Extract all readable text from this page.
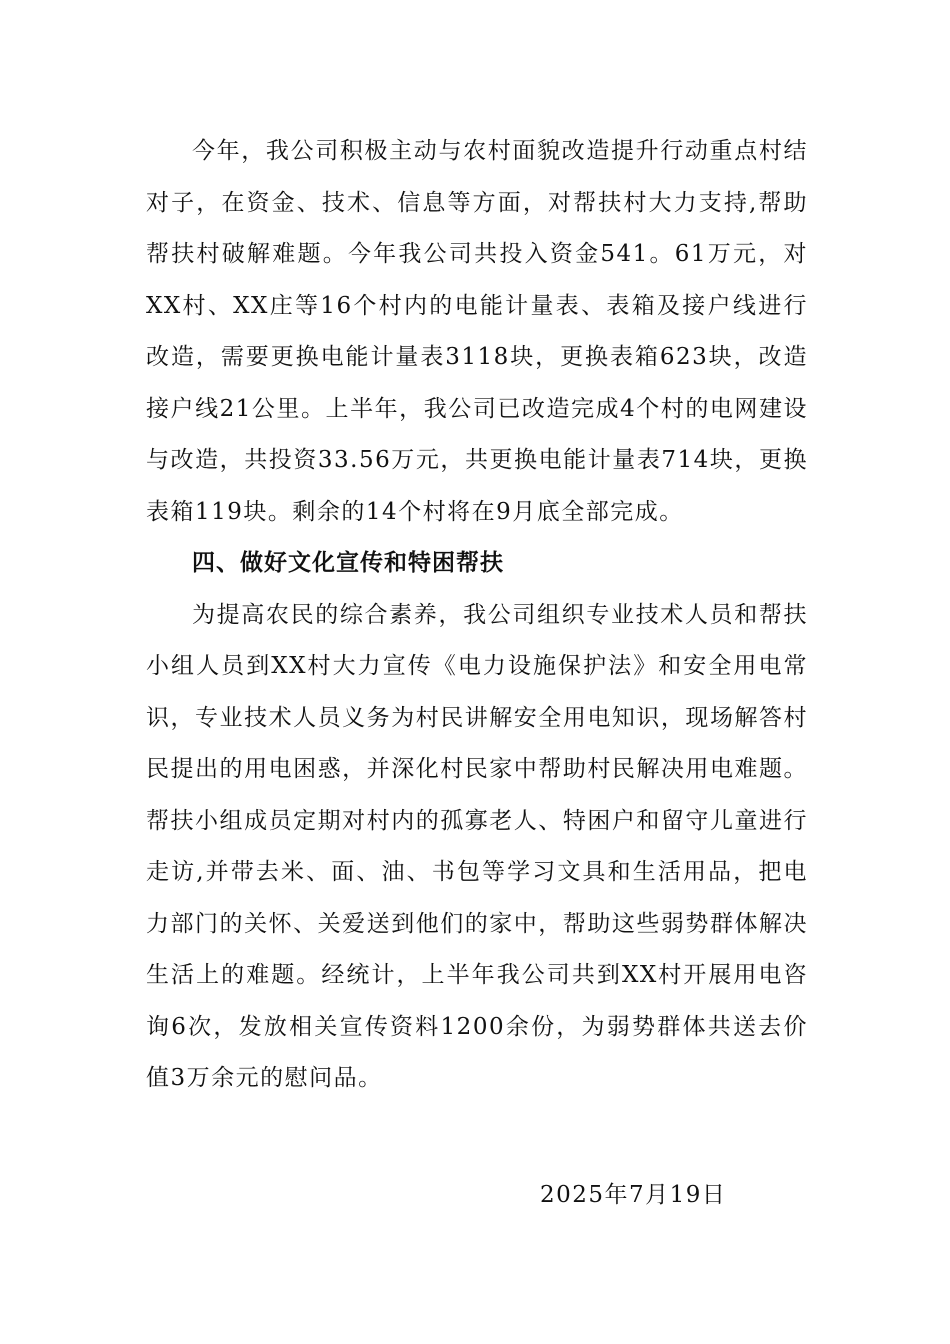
今年，我公司积极主动与农村面貌改造提升行动重点村结对子，在资金、技术、信息等方面，对帮扶村大力支持,帮助帮扶村破解难题。今年我公司共投入资金541。61万元，对XX村、XX庄等16个村内的电能计量表、表箱及接户线进行改造，需要更换电能计量表3118块，更换表箱623块，改造接户线21公里。上半年，我公司已改造完成4个村的电网建设与改造，共投资33.56万元，共更换电能计量表714块，更换表箱119块。剩余的14个村将在9月底全部完成。

四、做好文化宣传和特困帮扶

为提高农民的综合素养，我公司组织专业技术人员和帮扶小组人员到XX村大力宣传《电力设施保护法》和安全用电常识，专业技术人员义务为村民讲解安全用电知识，现场解答村民提出的用电困惑，并深化村民家中帮助村民解决用电难题。帮扶小组成员定期对村内的孤寡老人、特困户和留守儿童进行走访,并带去米、面、油、书包等学习文具和生活用品，把电力部门的关怀、关爱送到他们的家中，帮助这些弱势群体解决生活上的难题。经统计，上半年我公司共到XX村开展用电咨询6次，发放相关宣传资料1200余份，为弱势群体共送去价值3万余元的慰问品。

2025年7月19日
